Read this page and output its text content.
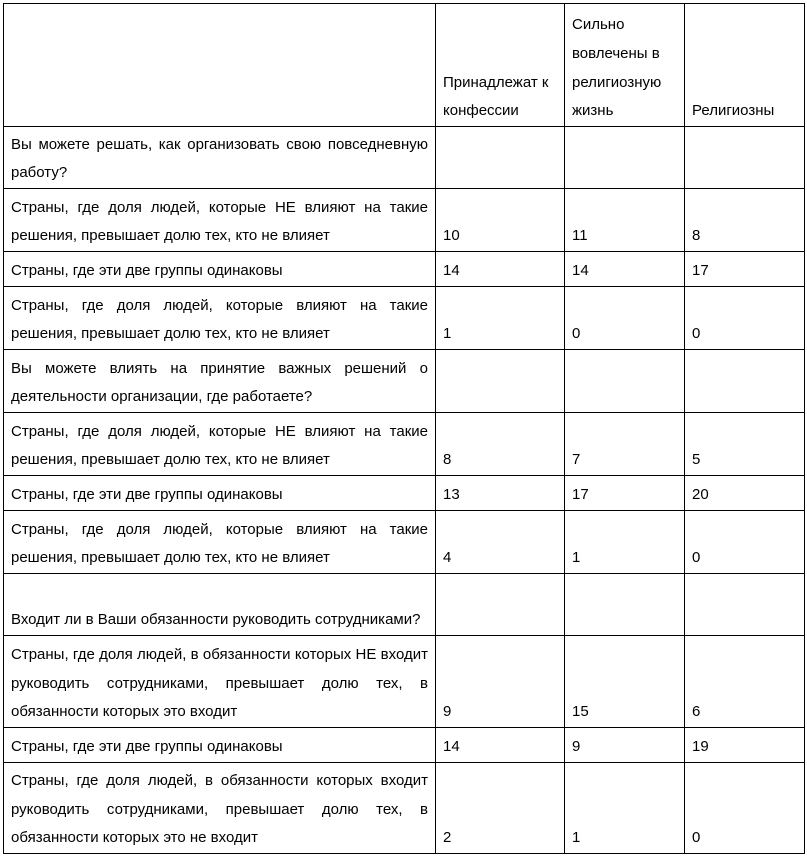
	Принадлежат к конфессии	Сильно вовлечены в религиозную жизнь	Религиозны
Вы можете решать, как организовать свою повседневную работу?			
Страны, где доля людей, которые НЕ влияют на такие решения, превышает долю тех, кто не влияет	10	11	8
Страны, где эти две группы одинаковы	14	14	17
Страны, где доля людей, которые влияют на такие решения, превышает долю тех, кто не влияет	1	0	0
Вы можете влиять на принятие важных решений о деятельности организации, где работаете?			
Страны, где доля людей, которые НЕ влияют на такие решения, превышает долю тех, кто не влияет	8	7	5
Страны, где эти две группы одинаковы	13	17	20
Страны, где доля людей, которые влияют на такие решения, превышает долю тех, кто не влияет	4	1	0
Входит ли в Ваши обязанности руководить сотрудниками?			
Страны, где доля людей, в обязанности которых НЕ входит руководить сотрудниками, превышает долю тех, в обязанности которых это входит	9	15	6
Страны, где эти две группы одинаковы	14	9	19
Страны, где доля людей, в обязанности которых входит руководить сотрудниками, превышает долю тех, в обязанности которых это не входит	2	1	0
